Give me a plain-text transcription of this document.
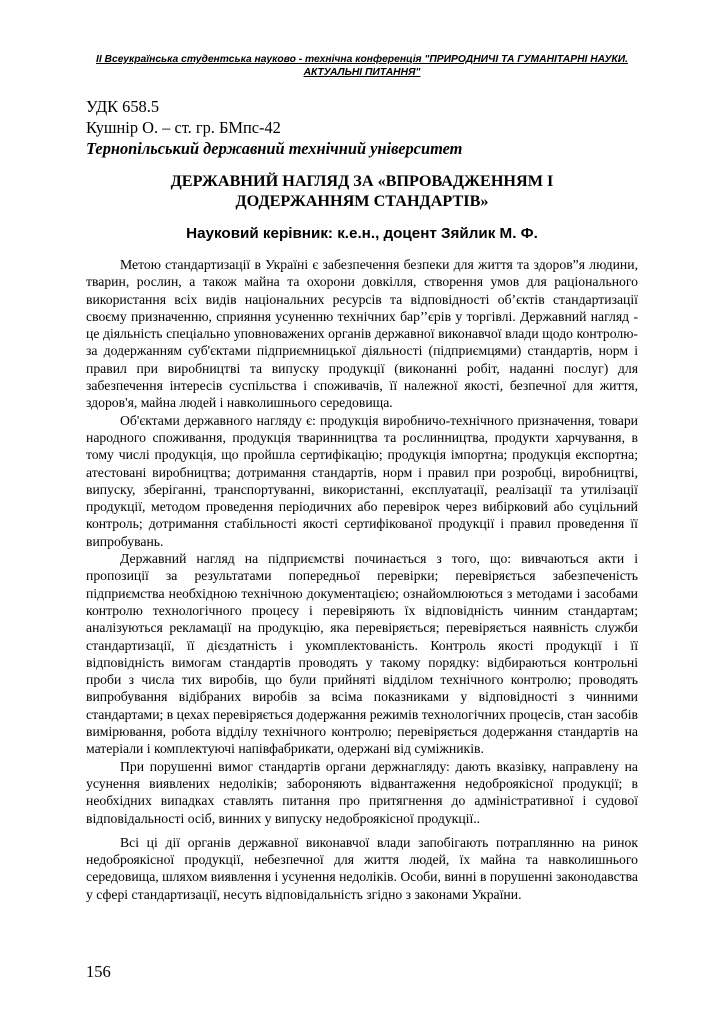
ІІ Всеукраїнська студентська науково - технічна конференція "ПРИРОДНИЧІ ТА ГУМАНІТАРНІ НАУКИ.
АКТУАЛЬНІ ПИТАННЯ"
УДК 658.5
Кушнір О. – ст. гр. БМпс-42
Тернопільський державний технічний університет
ДЕРЖАВНИЙ НАГЛЯД ЗА «ВПРОВАДЖЕННЯМ І
ДОДЕРЖАННЯМ СТАНДАРТІВ»
Науковий керівник: к.е.н., доцент Зяйлик М. Ф.

Метою стандартизації в Україні є забезпечення безпеки для життя та здоров”я людини, тварин, рослин, а також майна та охорони довкілля, створення умов для раціонального використання всіх видів національних ресурсів та відповідності об’єктів стандартизації своєму призначенню, сприяння усуненню технічних бар’’єрів у торгівлі. Державний нагляд - це діяльність спеціально уповноважених органів державної виконавчої влади щодо контролю- за додержанням суб'єктами підприємницької діяльності (підприємцями) стандартів, норм і правил при виробництві та випуску продукції (виконанні робіт, наданні послуг) для забезпечення інтересів суспільства і споживачів, її належної якості, безпечної для життя, здоров'я, майна людей і навколишнього середовища.

Об'єктами державного нагляду є: продукція виробничо-технічного призначення, товари народного споживання, продукція тваринництва та рослинництва, продукти харчування, в тому числі продукція, що пройшла сертифікацію; продукція імпортна; продукція експортна; атестовані виробництва; дотримання стандартів, норм і правил при розробці, виробництві, випуску, зберіганні, транспортуванні, використанні, експлуатації, реалізації та утилізації продукції, методом проведення періодичних або перевірок через вибірковий або суцільний контроль; дотримання стабільності якості сертифікованої продукції і правил проведення її випробувань.

Державний нагляд на підприємстві починається з того, що: вивчаються акти і пропозиції за результатами попередньої перевірки; перевіряється забезпеченість підприємства необхідною технічною документацією; ознайомлюються з методами і засобами контролю технологічного процесу і перевіряють їх відповідність чинним стандартам; аналізуються рекламації на продукцію, яка перевіряється; перевіряється наявність служби стандартизації, її дієздатність і укомплектованість. Контроль якості продукції і її відповідність вимогам стандартів проводять у такому порядку: відбираються контрольні проби з числа тих виробів, що були прийняті відділом технічного контролю; проводять випробування відібраних виробів за всіма показниками у відповідності з чинними стандартами; в цехах перевіряється додержання режимів технологічних процесів, стан засобів вимірювання, робота відділу технічного контролю; перевіряється додержання стандартів на матеріали і комплектуючі напівфабрикати, одержані від суміжників.

При порушенні вимог стандартів органи держнагляду: дають вказівку, направлену на усунення виявлених недоліків; забороняють відвантаження недоброякісної продукції; в необхідних випадках ставлять питання про притягнення до адміністративної і судової відповідальності осіб, винних у випуску недоброякісної продукції..

Всі ці дії органів державної виконавчої влади запобігають потраплянню на ринок недоброякісної продукції, небезпечної для життя людей, їх майна та навколишнього середовища, шляхом виявлення і усунення недоліків. Особи, винні в порушенні законодавства у сфері стандартизації, несуть відповідальність згідно з законами України.

156
